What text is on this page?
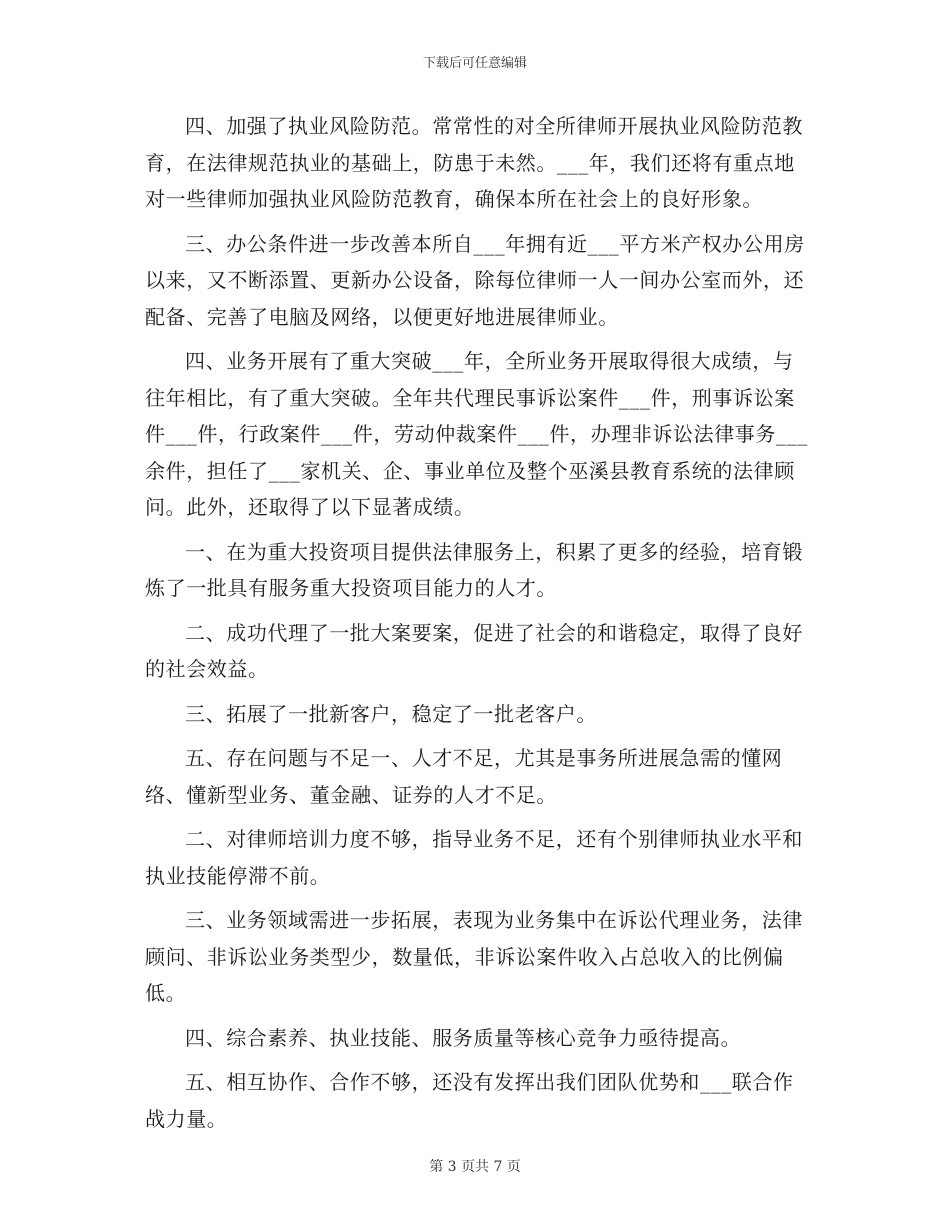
下载后可任意编辑

四、加强了执业风险防范。常常性的对全所律师开展执业风险防范教育，在法律规范执业的基础上，防患于未然。___年，我们还将有重点地对一些律师加强执业风险防范教育，确保本所在社会上的良好形象。

三、办公条件进一步改善本所自___年拥有近___平方米产权办公用房以来，又不断添置、更新办公设备，除每位律师一人一间办公室而外，还配备、完善了电脑及网络，以便更好地进展律师业。

四、业务开展有了重大突破___年，全所业务开展取得很大成绩，与往年相比，有了重大突破。全年共代理民事诉讼案件___件，刑事诉讼案件___件，行政案件___件，劳动仲裁案件___件，办理非诉讼法律事务___余件，担任了___家机关、企、事业单位及整个巫溪县教育系统的法律顾问。此外，还取得了以下显著成绩。

一、在为重大投资项目提供法律服务上，积累了更多的经验，培育锻炼了一批具有服务重大投资项目能力的人才。

二、成功代理了一批大案要案，促进了社会的和谐稳定，取得了良好的社会效益。

三、拓展了一批新客户，稳定了一批老客户。

五、存在问题与不足一、人才不足，尤其是事务所进展急需的懂网络、懂新型业务、董金融、证券的人才不足。

二、对律师培训力度不够，指导业务不足，还有个别律师执业水平和执业技能停滞不前。

三、业务领域需进一步拓展，表现为业务集中在诉讼代理业务，法律顾问、非诉讼业务类型少，数量低，非诉讼案件收入占总收入的比例偏低。

四、综合素养、执业技能、服务质量等核心竞争力亟待提高。

五、相互协作、合作不够，还没有发挥出我们团队优势和___联合作战力量。

第 3 页共 7 页
